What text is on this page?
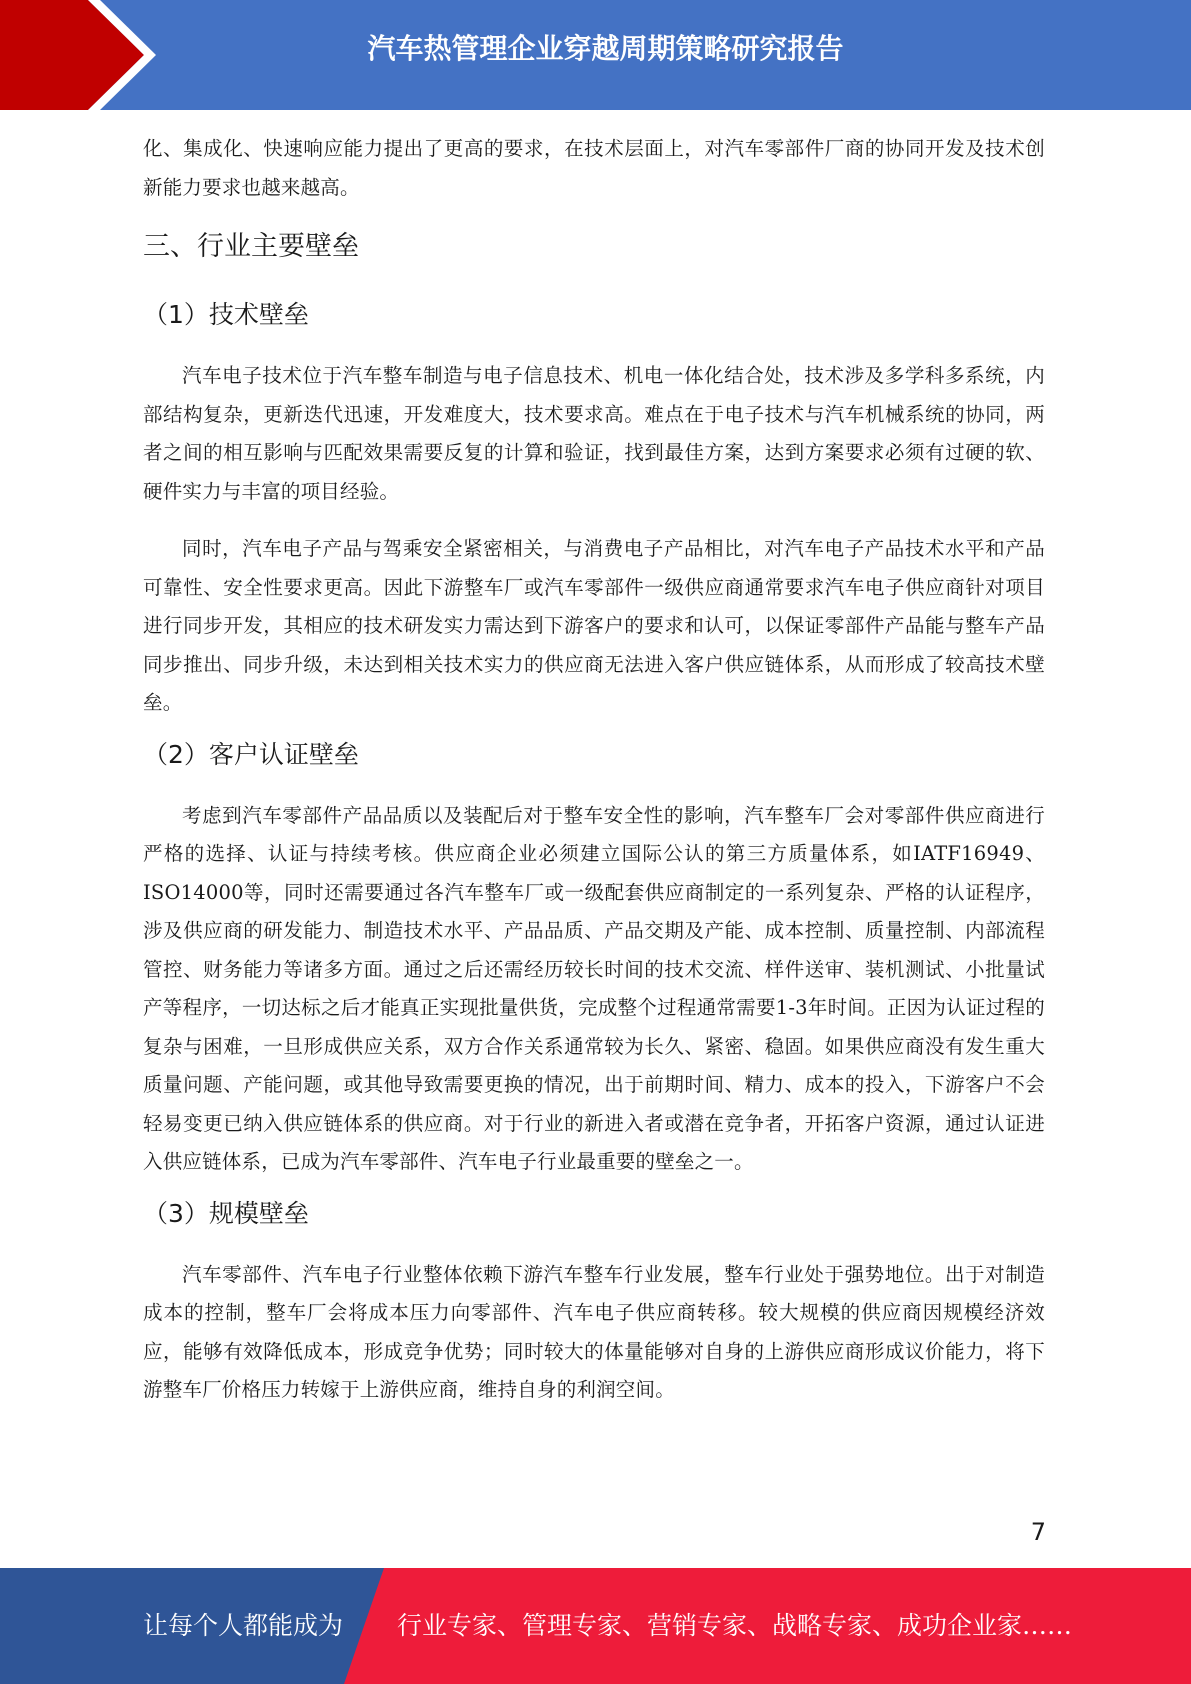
汽车热管理企业穿越周期策略研究报告

化、集成化、快速响应能力提出了更高的要求，在技术层面上，对汽车零部件厂商的协同开发及技术创新能力要求也越来越高。

三、行业主要壁垒
（1）技术壁垒

汽车电子技术位于汽车整车制造与电子信息技术、机电一体化结合处，技术涉及多学科多系统，内部结构复杂，更新迭代迅速，开发难度大，技术要求高。难点在于电子技术与汽车机械系统的协同，两者之间的相互影响与匹配效果需要反复的计算和验证，找到最佳方案，达到方案要求必须有过硬的软、硬件实力与丰富的项目经验。

同时，汽车电子产品与驾乘安全紧密相关，与消费电子产品相比，对汽车电子产品技术水平和产品可靠性、安全性要求更高。因此下游整车厂或汽车零部件一级供应商通常要求汽车电子供应商针对项目进行同步开发，其相应的技术研发实力需达到下游客户的要求和认可，以保证零部件产品能与整车产品同步推出、同步升级，未达到相关技术实力的供应商无法进入客户供应链体系，从而形成了较高技术壁垒。

（2）客户认证壁垒

考虑到汽车零部件产品品质以及装配后对于整车安全性的影响，汽车整车厂会对零部件供应商进行严格的选择、认证与持续考核。供应商企业必须建立国际公认的第三方质量体系，如IATF16949、ISO14000等，同时还需要通过各汽车整车厂或一级配套供应商制定的一系列复杂、严格的认证程序，涉及供应商的研发能力、制造技术水平、产品品质、产品交期及产能、成本控制、质量控制、内部流程管控、财务能力等诸多方面。通过之后还需经历较长时间的技术交流、样件送审、装机测试、小批量试产等程序，一切达标之后才能真正实现批量供货，完成整个过程通常需要1-3年时间。正因为认证过程的复杂与困难，一旦形成供应关系，双方合作关系通常较为长久、紧密、稳固。如果供应商没有发生重大质量问题、产能问题，或其他导致需要更换的情况，出于前期时间、精力、成本的投入，下游客户不会轻易变更已纳入供应链体系的供应商。对于行业的新进入者或潜在竞争者，开拓客户资源，通过认证进入供应链体系，已成为汽车零部件、汽车电子行业最重要的壁垒之一。

（3）规模壁垒

汽车零部件、汽车电子行业整体依赖下游汽车整车行业发展，整车行业处于强势地位。出于对制造成本的控制，整车厂会将成本压力向零部件、汽车电子供应商转移。较大规模的供应商因规模经济效应，能够有效降低成本，形成竞争优势；同时较大的体量能够对自身的上游供应商形成议价能力，将下游整车厂价格压力转嫁于上游供应商，维持自身的利润空间。

7
让每个人都能成为 行业专家、管理专家、营销专家、战略专家、成功企业家……
